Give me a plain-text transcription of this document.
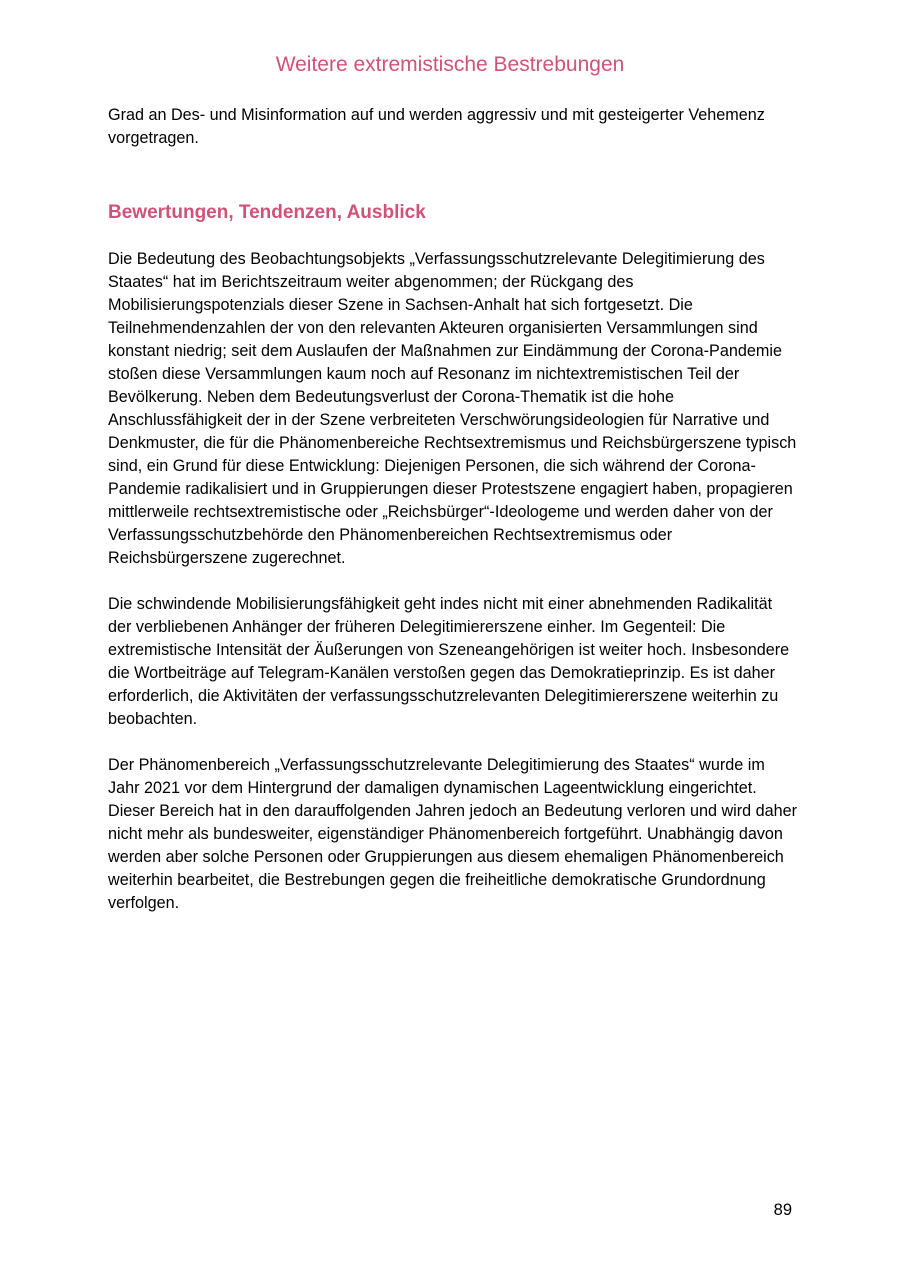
Weitere extremistische Bestrebungen

Grad an Des- und Misinformation auf und werden aggressiv und mit gesteigerter Vehemenz vorgetragen.

Bewertungen, Tendenzen, Ausblick

Die Bedeutung des Beobachtungsobjekts „Verfassungsschutzrelevante Delegitimierung des Staates“ hat im Berichtszeitraum weiter abgenommen; der Rückgang des Mobilisierungspotenzials dieser Szene in Sachsen-Anhalt hat sich fortgesetzt. Die Teilnehmendenzahlen der von den relevanten Akteuren organisierten Versammlungen sind konstant niedrig; seit dem Auslaufen der Maßnahmen zur Eindämmung der Corona-Pandemie stoßen diese Versammlungen kaum noch auf Resonanz im nichtextremistischen Teil der Bevölkerung. Neben dem Bedeutungsverlust der Corona-Thematik ist die hohe Anschlussfähigkeit der in der Szene verbreiteten Verschwörungsideologien für Narrative und Denkmuster, die für die Phänomenbereiche Rechtsextremismus und Reichsbürgerszene typisch sind, ein Grund für diese Entwicklung: Diejenigen Personen, die sich während der Corona-Pandemie radikalisiert und in Gruppierungen dieser Protestszene engagiert haben, propagieren mittlerweile rechtsextremistische oder „Reichsbürger“-Ideologeme und werden daher von der Verfassungsschutzbehörde den Phänomenbereichen Rechtsextremismus oder Reichsbürgerszene zugerechnet.

Die schwindende Mobilisierungsfähigkeit geht indes nicht mit einer abnehmenden Radikalität der verbliebenen Anhänger der früheren Delegitimiererszene einher. Im Gegenteil: Die extremistische Intensität der Äußerungen von Szeneangehörigen ist weiter hoch. Insbesondere die Wortbeiträge auf Telegram-Kanälen verstoßen gegen das Demokratieprinzip. Es ist daher erforderlich, die Aktivitäten der verfassungsschutzrelevanten Delegitimiererszene weiterhin zu beobachten.

Der Phänomenbereich „Verfassungsschutzrelevante Delegitimierung des Staates“ wurde im Jahr 2021 vor dem Hintergrund der damaligen dynamischen Lageentwicklung eingerichtet. Dieser Bereich hat in den darauffolgenden Jahren jedoch an Bedeutung verloren und wird daher nicht mehr als bundesweiter, eigenständiger Phänomenbereich fortgeführt. Unabhängig davon werden aber solche Personen oder Gruppierungen aus diesem ehemaligen Phänomenbereich weiterhin bearbeitet, die Bestrebungen gegen die freiheitliche demokratische Grundordnung verfolgen.

89
